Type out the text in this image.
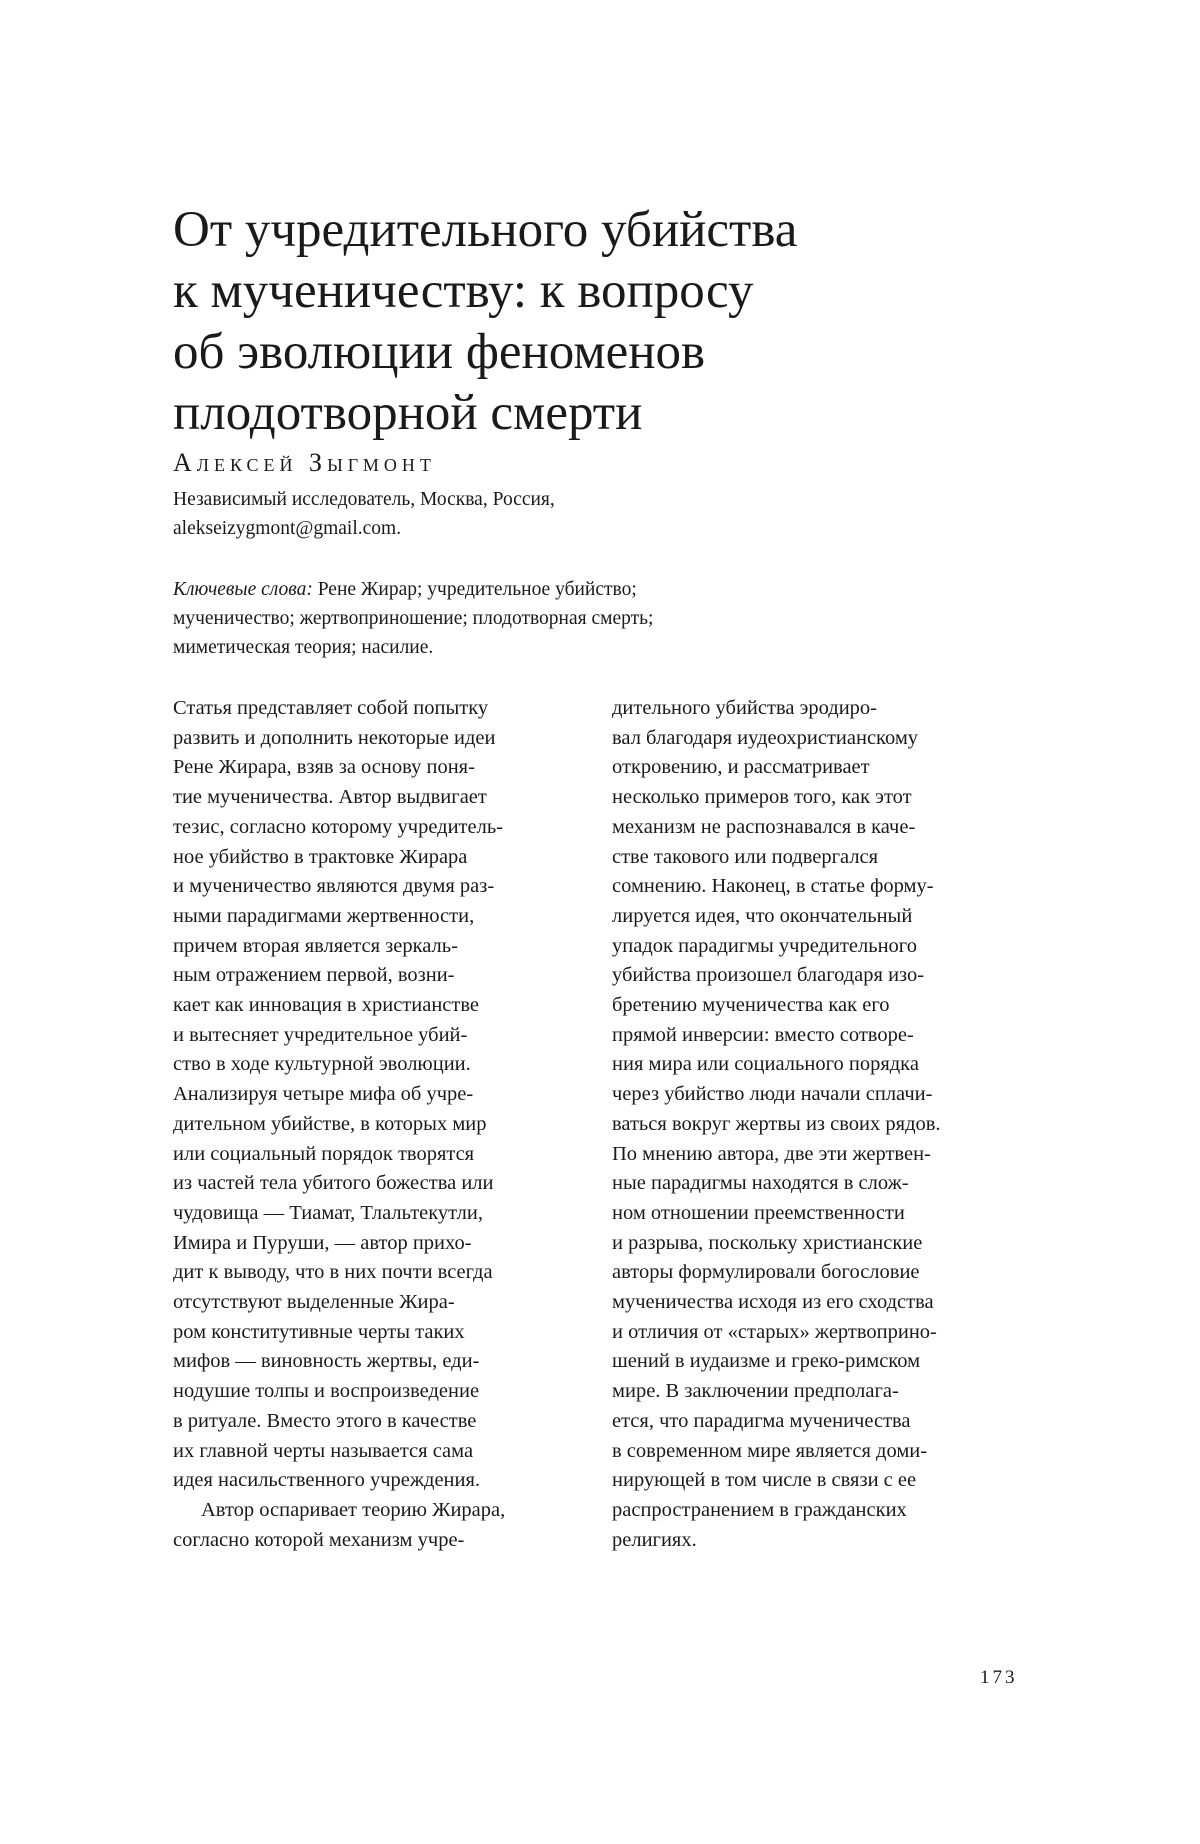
От учредительного убийства
к мученичеству: к вопросу
об эволюции феноменов
плодотворной смерти

Алексей Зыгмонт

Независимый исследователь, Москва, Россия,
alekseizygmont@gmail.com.

Ключевые слова: Рене Жирар; учредительное убийство;
мученичество; жертвоприношение; плодотворная смерть;
миметическая теория; насилие.

Статья представляет собой попытку
развить и дополнить некоторые идеи
Рене Жирара, взяв за основу поня-
тие мученичества. Автор выдвигает
тезис, согласно которому учредитель-
ное убийство в трактовке Жирара
и мученичество являются двумя раз-
ными парадигмами жертвенности,
причем вторая является зеркаль-
ным отражением первой, возни-
кает как инновация в христианстве
и вытесняет учредительное убий-
ство в ходе культурной эволюции.
Анализируя четыре мифа об учре-
дительном убийстве, в которых мир
или социальный порядок творятся
из частей тела убитого божества или
чудовища — Тиамат, Тлальтекутли,
Имира и Пуруши, — автор прихо-
дит к выводу, что в них почти всегда
отсутствуют выделенные Жира-
ром конститутивные черты таких
мифов — виновность жертвы, еди-
нодушие толпы и воспроизведение
в ритуале. Вместо этого в качестве
их главной черты называется сама
идея насильственного учреждения.
Автор оспаривает теорию Жирара,
согласно которой механизм учре-
дительного убийства эродиро-
вал благодаря иудеохристианскому
откровению, и рассматривает
несколько примеров того, как этот
механизм не распознавался в каче-
стве такового или подвергался
сомнению. Наконец, в статье форму-
лируется идея, что окончательный
упадок парадигмы учредительного
убийства произошел благодаря изо-
бретению мученичества как его
прямой инверсии: вместо сотворе-
ния мира или социального порядка
через убийство люди начали сплачи-
ваться вокруг жертвы из своих рядов.
По мнению автора, две эти жертвен-
ные парадигмы находятся в слож-
ном отношении преемственности
и разрыва, поскольку христианские
авторы формулировали богословие
мученичества исходя из его сходства
и отличия от «старых» жертвоприно-
шений в иудаизме и греко-римском
мире. В заключении предполага-
ется, что парадигма мученичества
в современном мире является доми-
нирующей в том числе в связи с ее
распространением в гражданских
религиях.

173
